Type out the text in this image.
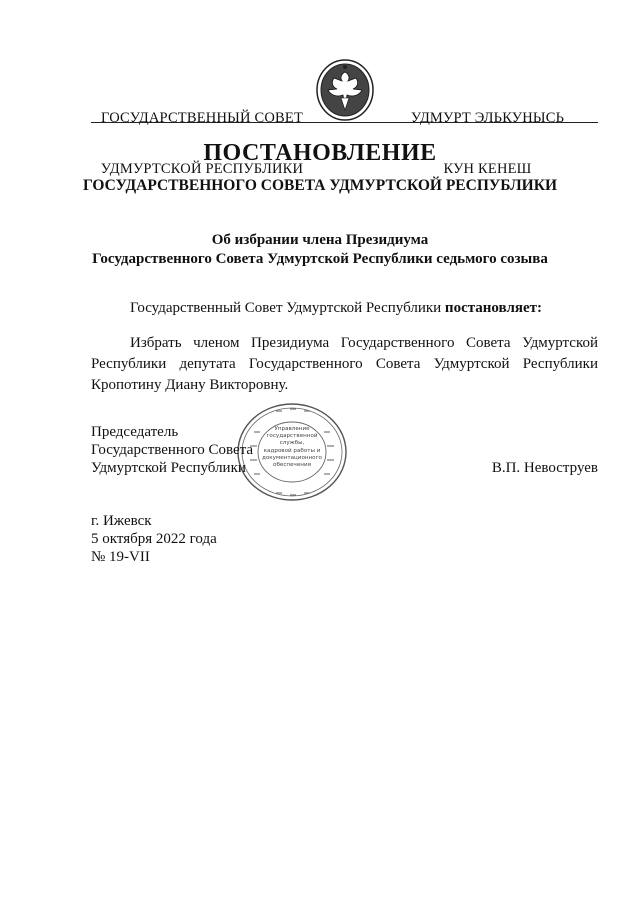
ГОСУДАРСТВЕННЫЙ СОВЕТ

УДМУРТСКОЙ РЕСПУБЛИКИ

УДМУРТ ЭЛЬКУНЫСЬ

КУН КЕНЕШ

ПОСТАНОВЛЕНИЕ
ГОСУДАРСТВЕННОГО СОВЕТА УДМУРТСКОЙ РЕСПУБЛИКИ
Об избрании члена Президиума
Государственного Совета Удмуртской Республики седьмого созыва
Государственный Совет Удмуртской Республики постановляет:
Избрать членом Президиума Государственного Совета Удмуртской
Республики депутата Государственного Совета Удмуртской Республики
Кропотину Диану Викторовну.
Управление
государственной
службы,
кадровой работы и
документационного
обеспечения
Председатель
Государственного Совета
Удмуртской Республики	В.П. Невоструев
г. Ижевск
5 октября 2022 года
№ 19-VII
